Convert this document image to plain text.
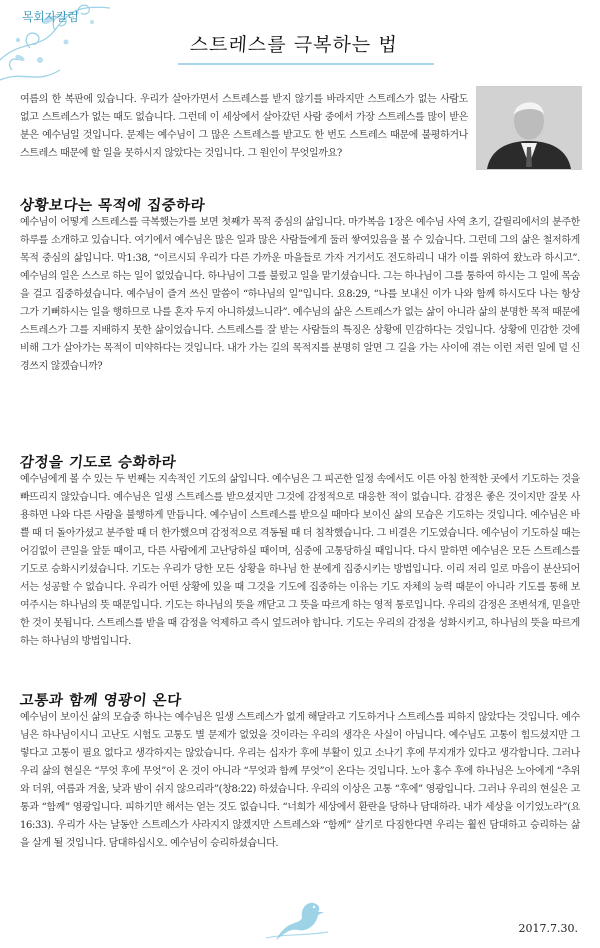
목회자칼럼
스트레스를 극복하는 법

여름의 한 복판에 있습니다. 우리가 살아가면서 스트레스를 받지 않기를 바라지만 스트레스가 없는 사람도 없고 스트레스가 없는 때도 없습니다. 그런데 이 세상에서 살아갔던 사람 중에서 가장 스트레스를 많이 받은 분은 예수님일 것입니다. 문제는 예수님이 그 많은 스트레스를 받고도 한 번도 스트레스 때문에 불평하거나 스트레스 때문에 할 일을 못하시지 않았다는 것입니다. 그 원인이 무엇일까요?

상황보다는 목적에 집중하라

예수님이 어떻게 스트레스를 극복했는가를 보면 첫째가 목적 중심의 삶입니다. 마가복음 1장은 예수님 사역 초기, 갈릴리에서의 분주한 하루를 소개하고 있습니다. 여기에서 예수님은 많은 일과 많은 사람들에게 둘러 쌓여있음을 볼 수 있습니다. 그런데 그의 삶은 철저하게 목적 중심의 삶입니다. 막1:38, “이르시되 우리가 다른 가까운 마을들로 가자 거기서도 전도하리니 내가 이를 위하여 왔노라 하시고”. 예수님의 일은 스스로 하는 일이 없었습니다. 하나님이 그를 불렀고 일을 맡기셨습니다. 그는 하나님이 그를 통하여 하시는 그 일에 목숨을 걸고 집중하셨습니다. 예수님이 즐겨 쓰신 말씀이 “하나님의 일”입니다. 요8:29, “나를 보내신 이가 나와 함께 하시도다 나는 항상 그가 기뻐하시는 일을 행하므로 나를 혼자 두지 아니하셨느니라”. 예수님의 삶은 스트레스가 없는 삶이 아니라 삶의 분명한 목적 때문에 스트레스가 그를 지배하지 못한 삶이었습니다. 스트레스를 잘 받는 사람들의 특징은 상황에 민감하다는 것입니다. 상황에 민감한 것에 비해 그가 살아가는 목적이 미약하다는 것입니다. 내가 가는 길의 목적지를 분명히 알면 그 길을 가는 사이에 겪는 이런 저런 일에 덜 신경쓰지 않겠습니까?

감정을 기도로 승화하라

예수님에게 볼 수 있는 두 번째는 지속적인 기도의 삶입니다. 예수님은 그 피곤한 일정 속에서도 이른 아침 한적한 곳에서 기도하는 것을 빠뜨리지 않았습니다. 예수님은 일생 스트레스를 받으셨지만 그것에 감정적으로 대응한 적이 없습니다. 감정은 좋은 것이지만 잘못 사용하면 나와 다른 사람을 불행하게 만듭니다. 예수님이 스트레스를 받으실 때마다 보이신 삶의 모습은 기도하는 것입니다. 예수님은 바쁠 때 더 돌아가셨고 분주할 때 더 한가했으며 감정적으로 격동될 때 더 침착했습니다. 그 비결은 기도였습니다. 예수님이 기도하실 때는 어김없이 큰일을 앞둔 때이고, 다른 사람에게 고난당하실 때이며, 심중에 고통당하실 때입니다. 다시 말하면 예수님은 모든 스트레스를 기도로 승화시키셨습니다. 기도는 우리가 당한 모든 상황을 하나님 한 분에게 집중시키는 방법입니다. 이리 저리 일로 마음이 분산되어서는 성공할 수 없습니다. 우리가 어떤 상황에 있을 때 그것을 기도에 집중하는 이유는 기도 자체의 능력 때문이 아니라 기도를 통해 보여주시는 하나님의 뜻 때문입니다. 기도는 하나님의 뜻을 깨닫고 그 뜻을 따르게 하는 영적 통로입니다. 우리의 감정은 조변석개, 믿을만한 것이 못됩니다. 스트레스를 받을 때 감정을 억제하고 즉시 엎드려야 합니다. 기도는 우리의 감정을 성화시키고, 하나님의 뜻을 따르게 하는 하나님의 방법입니다.

고통과 함께 영광이 온다

예수님이 보이신 삶의 모습중 하나는 예수님은 일생 스트레스가 없게 해달라고 기도하거나 스트레스를 피하지 않았다는 것입니다. 예수님은 하나님이시니 고난도 시험도 고통도 별 문제가 없었을 것이라는 우리의 생각은 사실이 아닙니다. 예수님도 고통이 힘드셨지만 그렇다고 고통이 필요 없다고 생각하지는 않았습니다. 우리는 십자가 후에 부활이 있고 소나기 후에 무지개가 있다고 생각합니다. 그러나 우리 삶의 현실은 “무엇 후에 무엇”이 온 것이 아니라 “무엇과 함께 무엇”이 온다는 것입니다. 노아 홍수 후에 하나님은 노아에게 “추위와 더위, 여름과 겨울, 낮과 밤이 쉬지 않으리라”(창8:22) 하셨습니다. 우리의 이상은 고통 “후에” 영광입니다. 그러나 우리의 현실은 고통과 “함께” 영광입니다. 피하기만 해서는 얻는 것도 없습니다. “너희가 세상에서 환란을 당하나 담대하라. 내가 세상을 이기었노라”(요16:33). 우리가 사는 날동안 스트레스가 사라지지 않겠지만 스트레스와 “함께” 살기로 다짐한다면 우리는 훨씬 담대하고 승리하는 삶을 살게 될 것입니다. 담대하십시오. 예수님이 승리하셨습니다.

2017.7.30.
